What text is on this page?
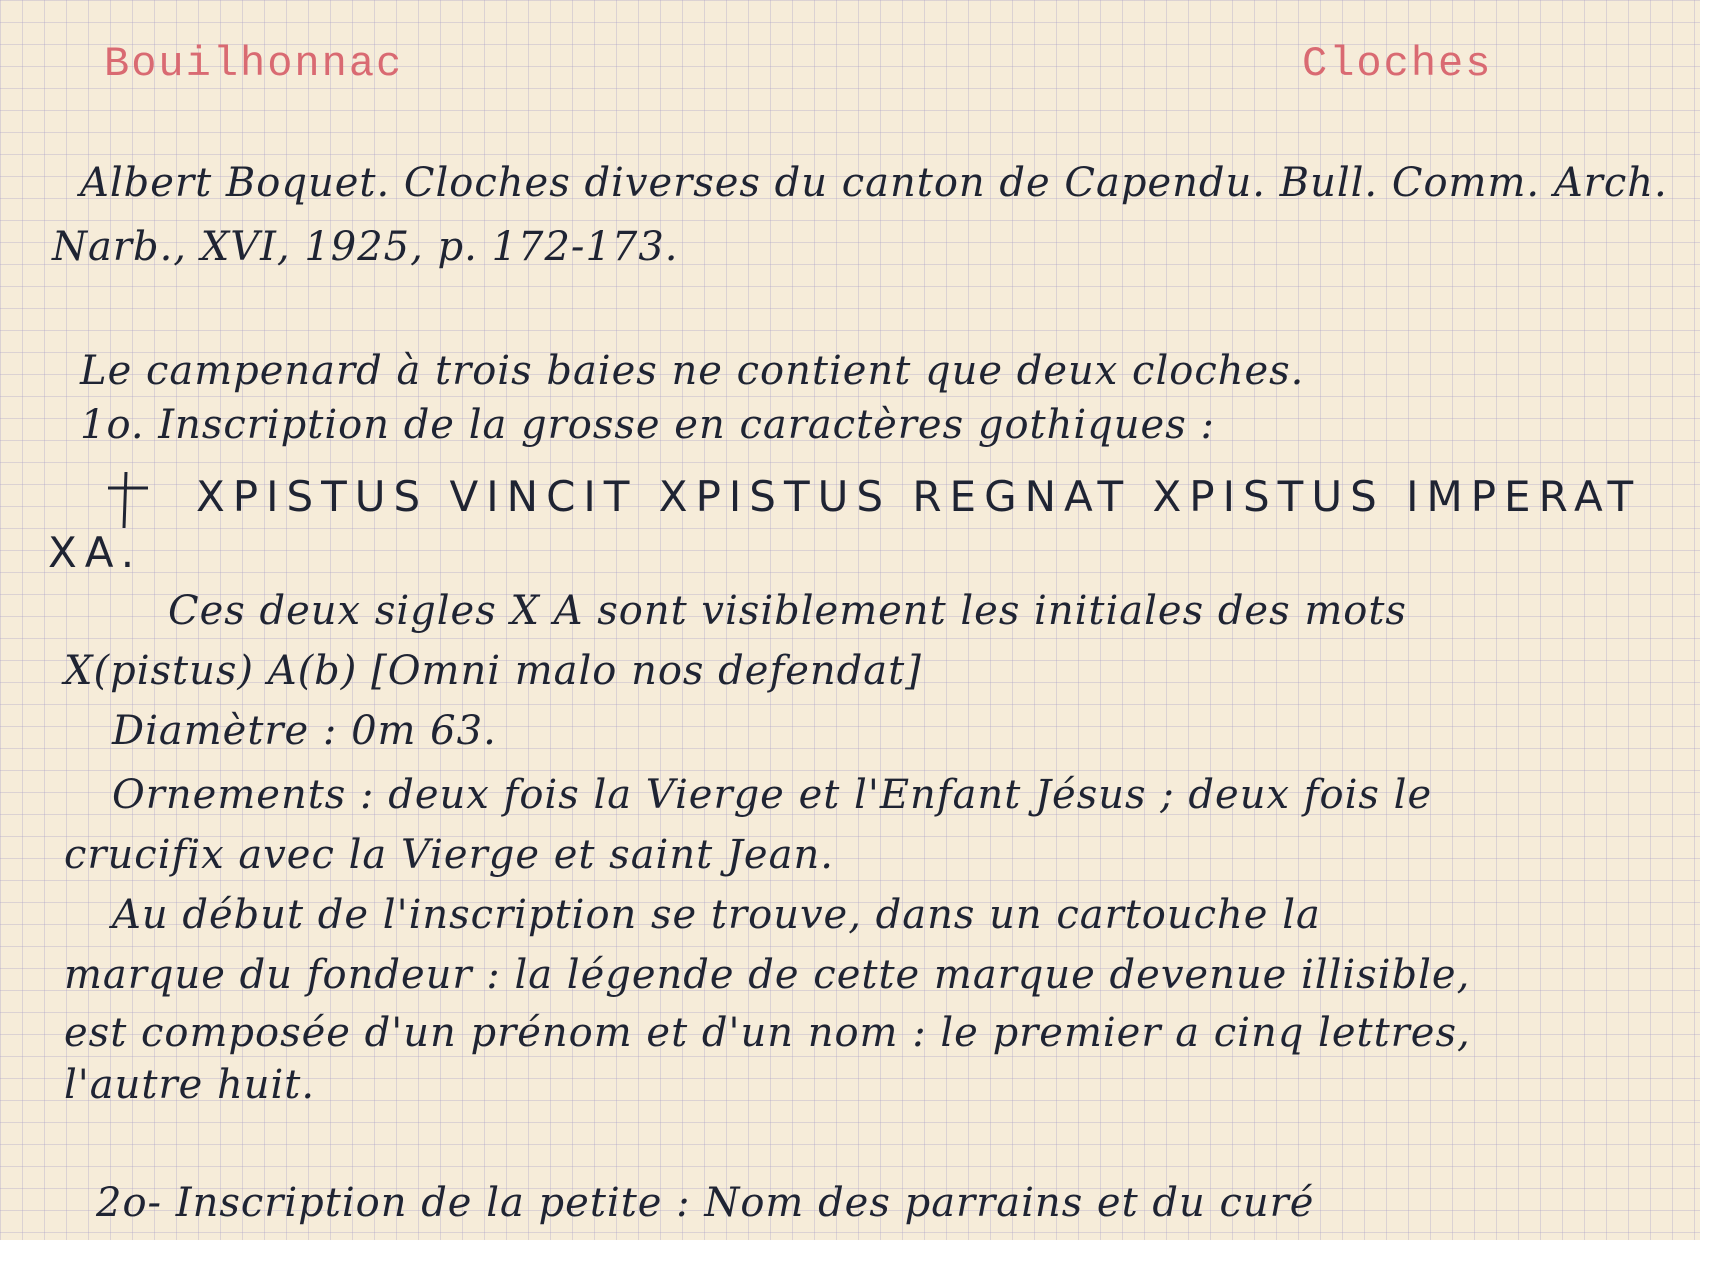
Bouilhonnac	Cloches
Albert Boquet. Cloches diverses du canton de Capendu. Bull. Comm. Arch.
Narb., XVI, 1925, p. 172-173.
Le campenard à trois baies ne contient que deux cloches.
1o. Inscription de la grosse en caractères gothiques :
XPISTUS VINCIT XPISTUS REGNAT XPISTUS IMPERAT
XA.
Ces deux sigles X A sont visiblement les initiales des mots
X(pistus) A(b) [Omni malo nos defendat]
Diamètre : 0m 63.
Ornements : deux fois la Vierge et l'Enfant Jésus ; deux fois le
crucifix avec la Vierge et saint Jean.
Au début de l'inscription se trouve, dans un cartouche la
marque du fondeur : la légende de cette marque devenue illisible,
est composée d'un prénom et d'un nom : le premier a cinq lettres,
l'autre huit.
2o- Inscription de la petite : Nom des parrains et du curé
